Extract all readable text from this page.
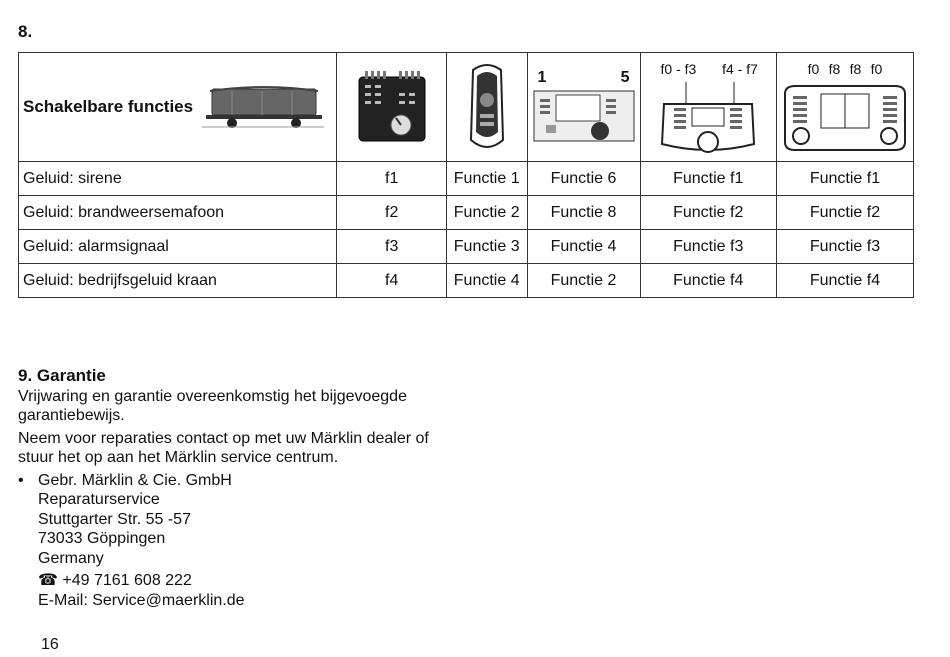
8.
Schakelbare functies			1 5	f0 - f3 f4 - f7	f0 f8 f8 f0

Geluid: sirene	f1	Functie 1	Functie 6	Functie f1	Functie f1
Geluid: brandweersemafoon	f2	Functie 2	Functie 8	Functie f2	Functie f2
Geluid: alarmsignaal	f3	Functie 3	Functie 4	Functie f3	Functie f3
Geluid: bedrijfsgeluid kraan	f4	Functie 4	Functie 2	Functie f4	Functie f4
9. Garantie

Vrijwaring en garantie overeenkomstig het bijgevoegde garantiebewijs.

Neem voor reparaties contact op met uw Märklin dealer of stuur het op aan het Märklin service centrum.

• Gebr. Märklin & Cie. GmbH
Reparaturservice
Stuttgarter Str. 55 -57
73033 Göppingen
Germany
☎ +49 7161 608 222
E-Mail: Service@maerklin.de
16
